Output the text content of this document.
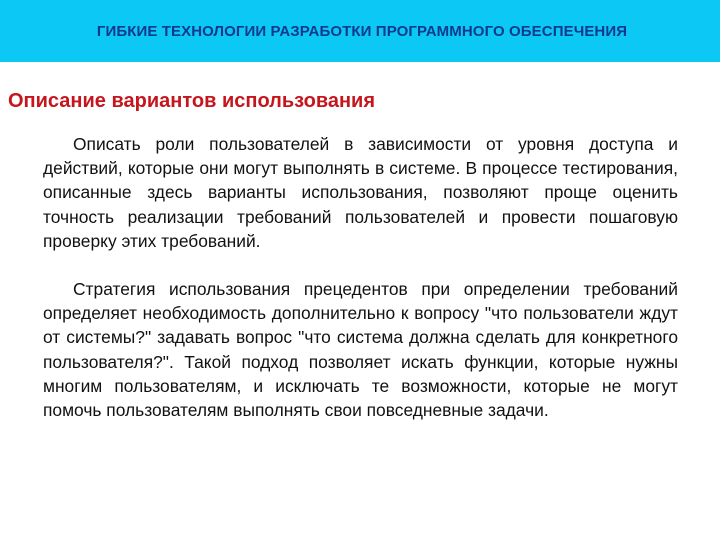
ГИБКИЕ ТЕХНОЛОГИИ РАЗРАБОТКИ ПРОГРАММНОГО ОБЕСПЕЧЕНИЯ
Описание вариантов использования

Описать роли пользователей в зависимости от уровня доступа и действий, которые они могут выполнять в системе. В процессе тестирования, описанные здесь варианты использования, позволяют проще оценить точность реализации требований пользователей и провести пошаговую проверку этих требований.

Стратегия использования прецедентов при определении требований определяет необходимость дополнительно к вопросу "что пользователи ждут от системы?" задавать вопрос "что система должна сделать для конкретного пользователя?". Такой подход позволяет искать функции, которые нужны многим пользователям, и исключать те возможности, которые не могут помочь пользователям выполнять свои повседневные задачи.
